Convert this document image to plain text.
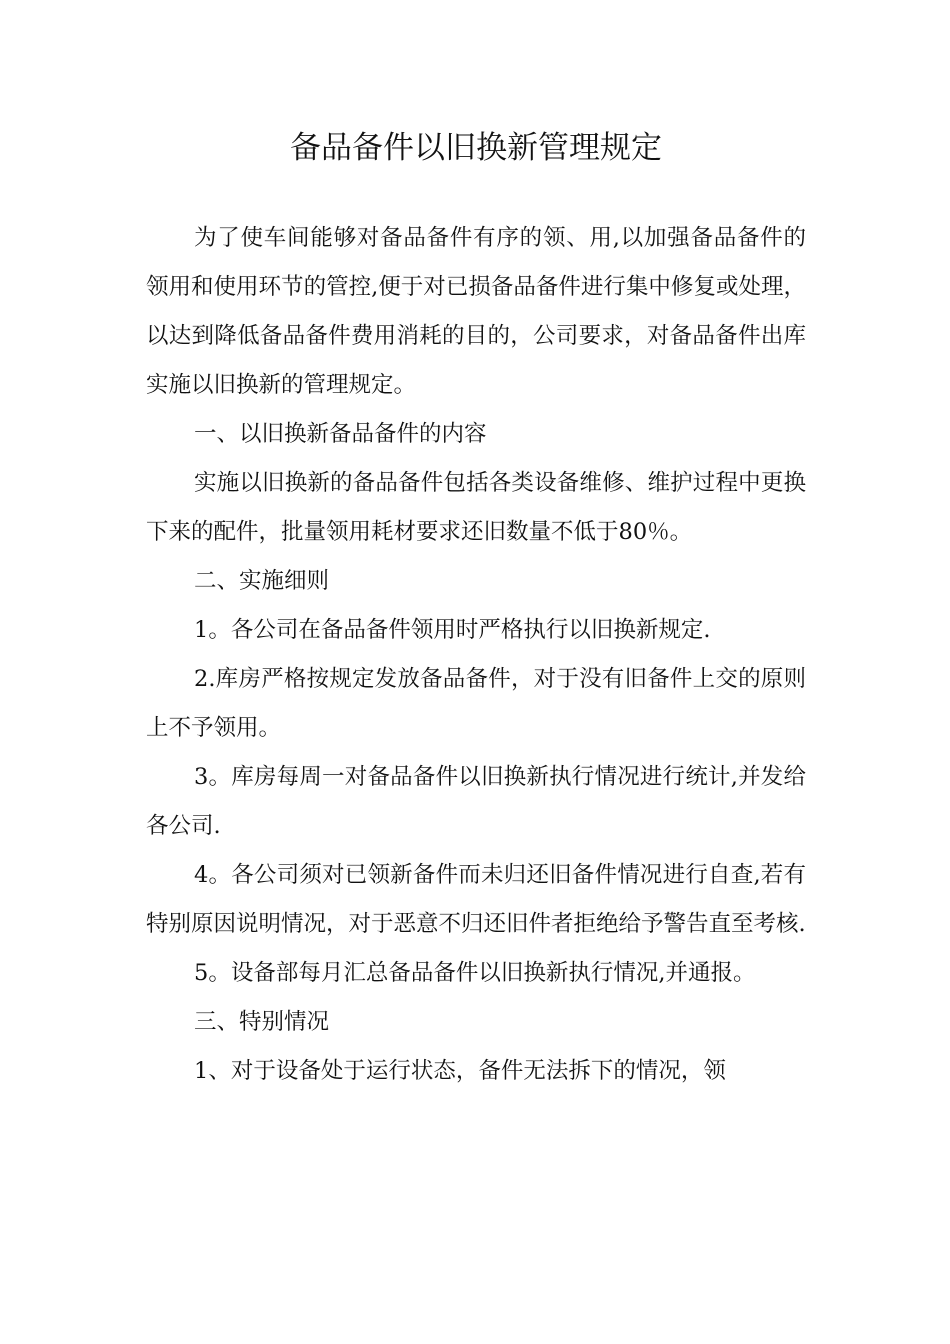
备品备件以旧换新管理规定

为了使车间能够对备品备件有序的领、用,以加强备品备件的领用和使用环节的管控,便于对已损备品备件进行集中修复或处理，以达到降低备品备件费用消耗的目的，公司要求，对备品备件出库实施以旧换新的管理规定。

一、以旧换新备品备件的内容

实施以旧换新的备品备件包括各类设备维修、维护过程中更换下来的配件，批量领用耗材要求还旧数量不低于80％。

二、实施细则

1。各公司在备品备件领用时严格执行以旧换新规定.

2.库房严格按规定发放备品备件，对于没有旧备件上交的原则上不予领用。

3。库房每周一对备品备件以旧换新执行情况进行统计,并发给各公司.

4。各公司须对已领新备件而未归还旧备件情况进行自查,若有特别原因说明情况，对于恶意不归还旧件者拒绝给予警告直至考核.

5。设备部每月汇总备品备件以旧换新执行情况,并通报。

三、特别情况

1、对于设备处于运行状态，备件无法拆下的情况，领
